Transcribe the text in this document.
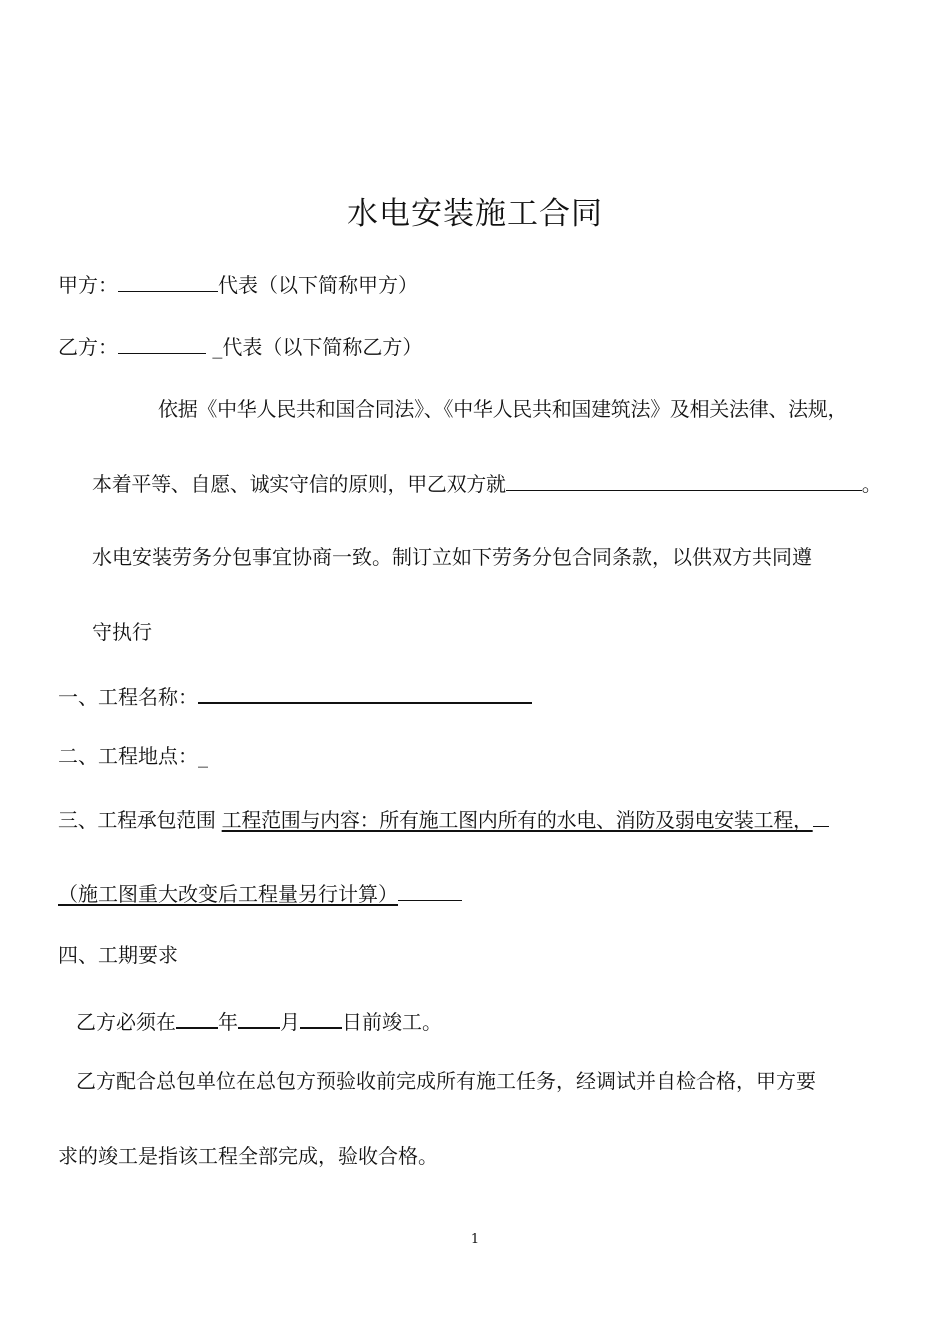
水电安装施工合同
甲方：	代表（以下简称甲方）
乙方：	_代表（以下简称乙方）
依据《中华人民共和国合同法》、《中华人民共和国建筑法》及相关法律、法规，
本着平等、自愿、诚实守信的原则，甲乙双方就	。
水电安装劳务分包事宜协商一致。制订立如下劳务分包合同条款，以供双方共同遵
守执行
一、工程名称：
二、工程地点：_
三、工程承包范围 工程范围与内容：所有施工图内所有的水电、消防及弱电安装工程，
（施工图重大改变后工程量另行计算）
四、工期要求
乙方必须在 年 月 日前竣工。
乙方配合总包单位在总包方预验收前完成所有施工任务，经调试并自检合格，甲方要
求的竣工是指该工程全部完成，验收合格。
1
